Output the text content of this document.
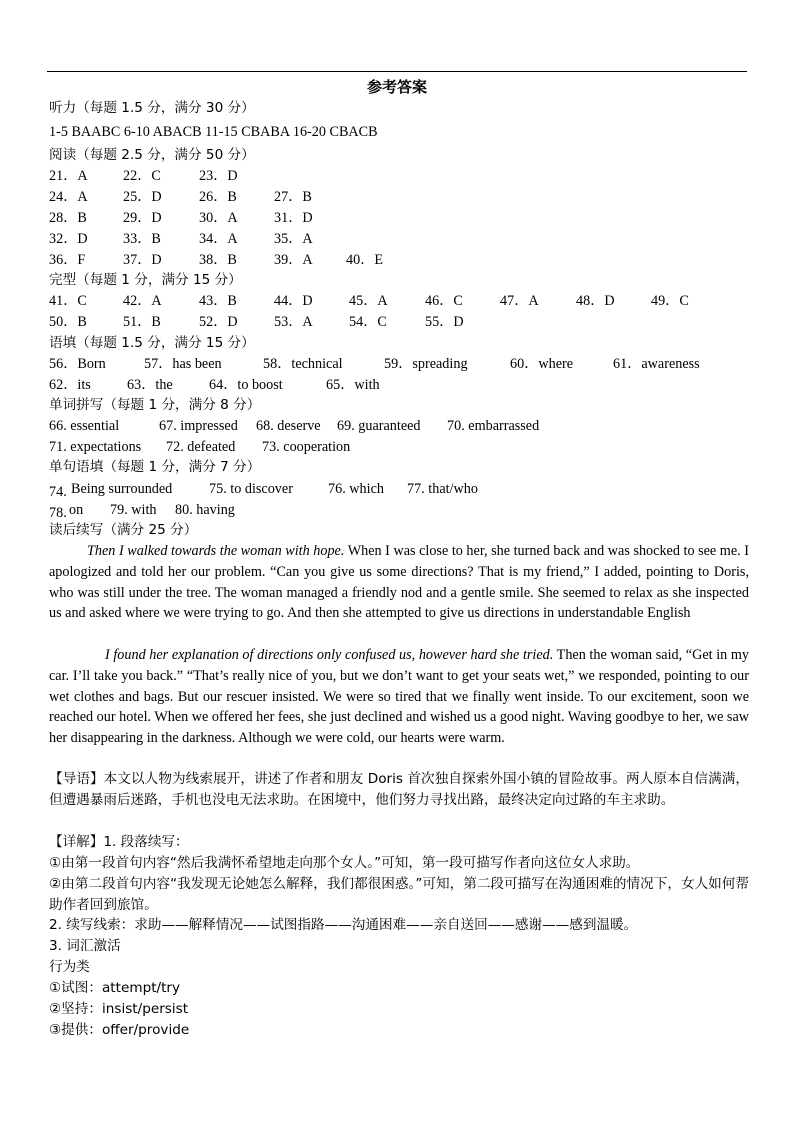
参考答案
听力（每题 1.5 分，满分 30 分）
1-5 BAABC 6-10 ABACB 11-15 CBABA 16-20 CBACB
阅读（每题 2.5 分，满分 50 分）
21．A 22．C	23．D
24．A 25．D	26．B	27．B
28．B	29．D	30．A	31．D
32．D 33．B	34．A	35．A
36．F	37．D	38．B	39．A 40．E
完型（每题 1 分，满分 15 分）
41．C	42．A	43．B	44．D	45．A	46．C	47．A	48．D	49．C
50．B	51．B	52．D	53．A	54．C	55．D
语填（每题 1.5 分，满分 15 分）
56．Born	57．has been	58．technical	59．spreading	60．where	61．awareness
62．its	63．the	64．to boost	65．with
单词拼写（每题 1 分，满分 8 分）
66. essential	67. impressed 68. deserve 69. guaranteed 70. embarrassed
71. expectations 72. defeated 73. cooperation
单句语填（每题 1 分，满分 7 分）
74. Being surrounded	75. to discover 76. which 77. that/who
78. on 79. with 80. having
读后续写（满分 25 分）
Then I walked towards the woman with hope. When I was close to her, she turned back and was shocked to see me. I apologized and told her our problem. “Can you give us some directions? That is my friend,” I added, pointing to Doris, who was still under the tree. The woman managed a friendly nod and a gentle smile. She seemed to relax as she inspected us and asked where we were trying to go. And then she attempted to give us directions in understandable English
I found her explanation of directions only confused us, however hard she tried. Then the woman said, “Get in my car. I’ll take you back.” “That’s really nice of you, but we don’t want to get your seats wet,” we responded, pointing to our wet clothes and bags. But our rescuer insisted. We were so tired that we finally went inside. To our excitement, soon we reached our hotel. When we offered her fees, she just declined and wished us a good night. Waving goodbye to her, we saw her disappearing in the darkness. Although we were cold, our hearts were warm.
【导语】本文以人物为线索展开，讲述了作者和朋友 Doris 首次独自探索外国小镇的冒险故事。两人原本自信满满，但遭遇暴雨后迷路，手机也没电无法求助。在困境中，他们努力寻找出路，最终决定向过路的车主求助。
【详解】1. 段落续写：
①由第一段首句内容“然后我满怀希望地走向那个女人。”可知，第一段可描写作者向这位女人求助。
②由第二段首句内容“我发现无论她怎么解释，我们都很困惑。”可知，第二段可描写在沟通困难的情况下，女人如何帮助作者回到旅馆。
2. 续写线索：求助——解释情况——试图指路——沟通困难——亲自送回——感谢——感到温暖。
3. 词汇激活
行为类
①试图：attempt/try
②坚持：insist/persist
③提供：offer/provide
